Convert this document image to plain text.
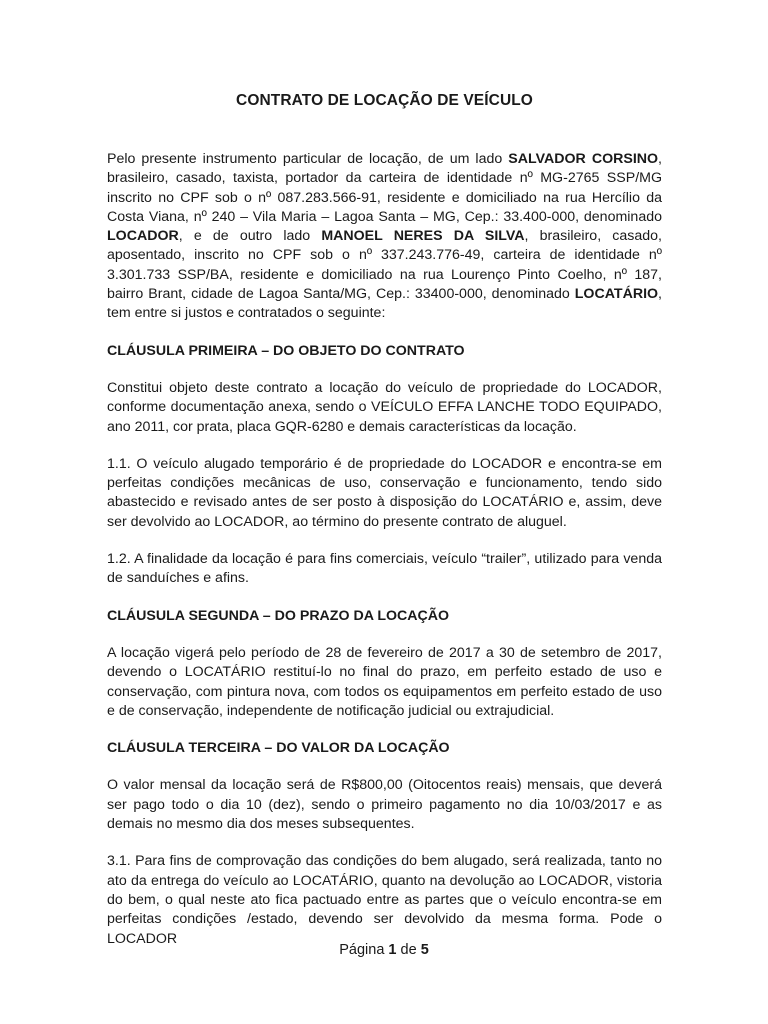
CONTRATO DE LOCAÇÃO DE VEÍCULO

Pelo presente instrumento particular de locação, de um lado SALVADOR CORSINO, brasileiro, casado, taxista, portador da carteira de identidade nº MG-2765 SSP/MG inscrito no CPF sob o nº 087.283.566-91, residente e domiciliado na rua Hercílio da Costa Viana, nº 240 – Vila Maria – Lagoa Santa – MG, Cep.: 33.400-000, denominado LOCADOR, e de outro lado MANOEL NERES DA SILVA, brasileiro, casado, aposentado, inscrito no CPF sob o nº 337.243.776-49, carteira de identidade nº 3.301.733 SSP/BA, residente e domiciliado na rua Lourenço Pinto Coelho, nº 187, bairro Brant, cidade de Lagoa Santa/MG, Cep.: 33400-000, denominado LOCATÁRIO, tem entre si justos e contratados o seguinte:

CLÁUSULA PRIMEIRA – DO OBJETO DO CONTRATO

Constitui objeto deste contrato a locação do veículo de propriedade do LOCADOR, conforme documentação anexa, sendo o VEÍCULO EFFA LANCHE TODO EQUIPADO, ano 2011, cor prata, placa GQR-6280 e demais características da locação.

1.1. O veículo alugado temporário é de propriedade do LOCADOR e encontra-se em perfeitas condições mecânicas de uso, conservação e funcionamento, tendo sido abastecido e revisado antes de ser posto à disposição do LOCATÁRIO e, assim, deve ser devolvido ao LOCADOR, ao término do presente contrato de aluguel.

1.2. A finalidade da locação é para fins comerciais, veículo “trailer”, utilizado para venda de sanduíches e afins.

CLÁUSULA SEGUNDA – DO PRAZO DA LOCAÇÃO

A locação vigerá pelo período de 28 de fevereiro de 2017 a 30 de setembro de 2017, devendo o LOCATÁRIO restituí-lo no final do prazo, em perfeito estado de uso e conservação, com pintura nova, com todos os equipamentos em perfeito estado de uso e de conservação, independente de notificação judicial ou extrajudicial.

CLÁUSULA TERCEIRA – DO VALOR DA LOCAÇÃO

O valor mensal da locação será de R$800,00 (Oitocentos reais) mensais, que deverá ser pago todo o dia 10 (dez), sendo o primeiro pagamento no dia 10/03/2017 e as demais no mesmo dia dos meses subsequentes.

3.1. Para fins de comprovação das condições do bem alugado, será realizada, tanto no ato da entrega do veículo ao LOCATÁRIO, quanto na devolução ao LOCADOR, vistoria do bem, o qual neste ato fica pactuado entre as partes que o veículo encontra-se em perfeitas condições /estado, devendo ser devolvido da mesma forma. Pode o LOCADOR

Página 1 de 5
